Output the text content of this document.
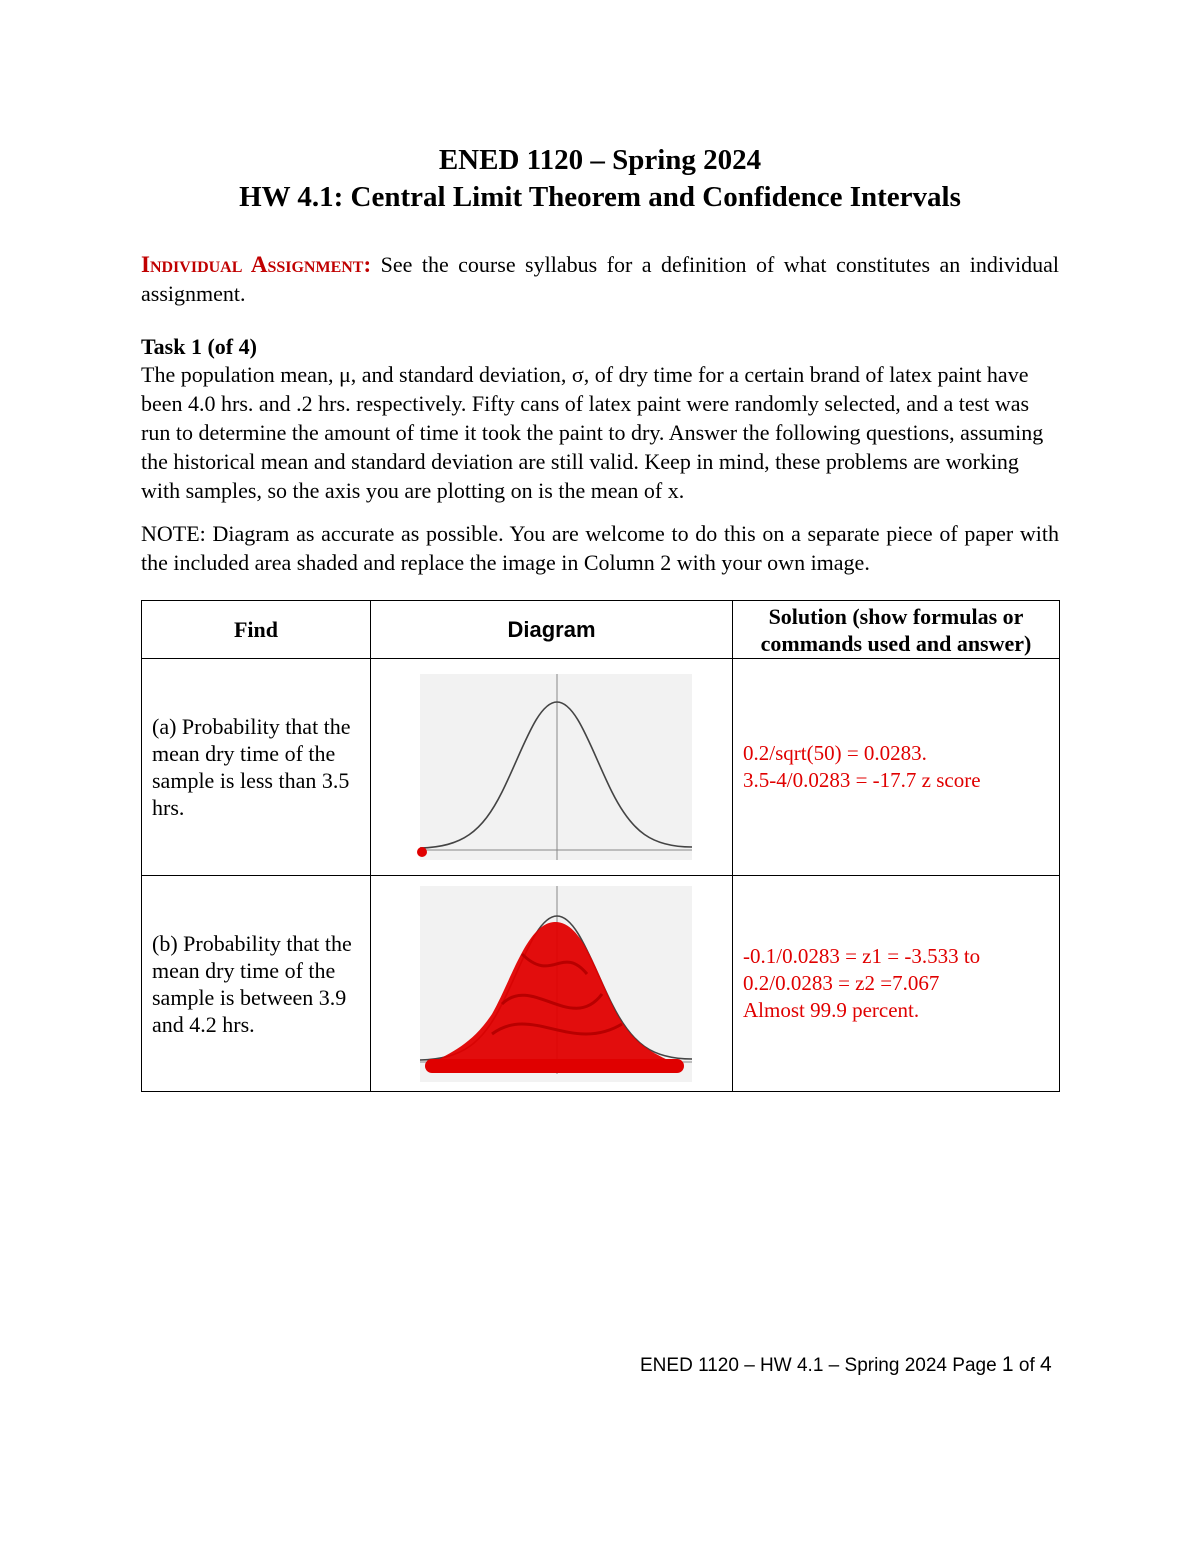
ENED 1120 – Spring 2024
HW 4.1: Central Limit Theorem and Confidence Intervals
Individual Assignment: See the course syllabus for a definition of what constitutes an individual assignment.
Task 1 (of 4)
The population mean, μ, and standard deviation, σ, of dry time for a certain brand of latex paint have been 4.0 hrs. and .2 hrs. respectively. Fifty cans of latex paint were randomly selected, and a test was run to determine the amount of time it took the paint to dry. Answer the following questions, assuming the historical mean and standard deviation are still valid. Keep in mind, these problems are working with samples, so the axis you are plotting on is the mean of x.
NOTE: Diagram as accurate as possible. You are welcome to do this on a separate piece of paper with the included area shaded and replace the image in Column 2 with your own image.
Find	Diagram	Solution (show formulas or commands used and answer)
(a) Probability that the mean dry time of the sample is less than 3.5 hrs.		0.2/sqrt(50) = 0.0283.
3.5-4/0.0283 = -17.7 z score

(b) Probability that the mean dry time of the sample is between 3.9 and 4.2 hrs.		-0.1/0.0283 = z1 = -3.533 to
0.2/0.0283 = z2 =7.067
Almost 99.9 percent.
ENED 1120 – HW 4.1 – Spring 2024 Page 1 of 4
